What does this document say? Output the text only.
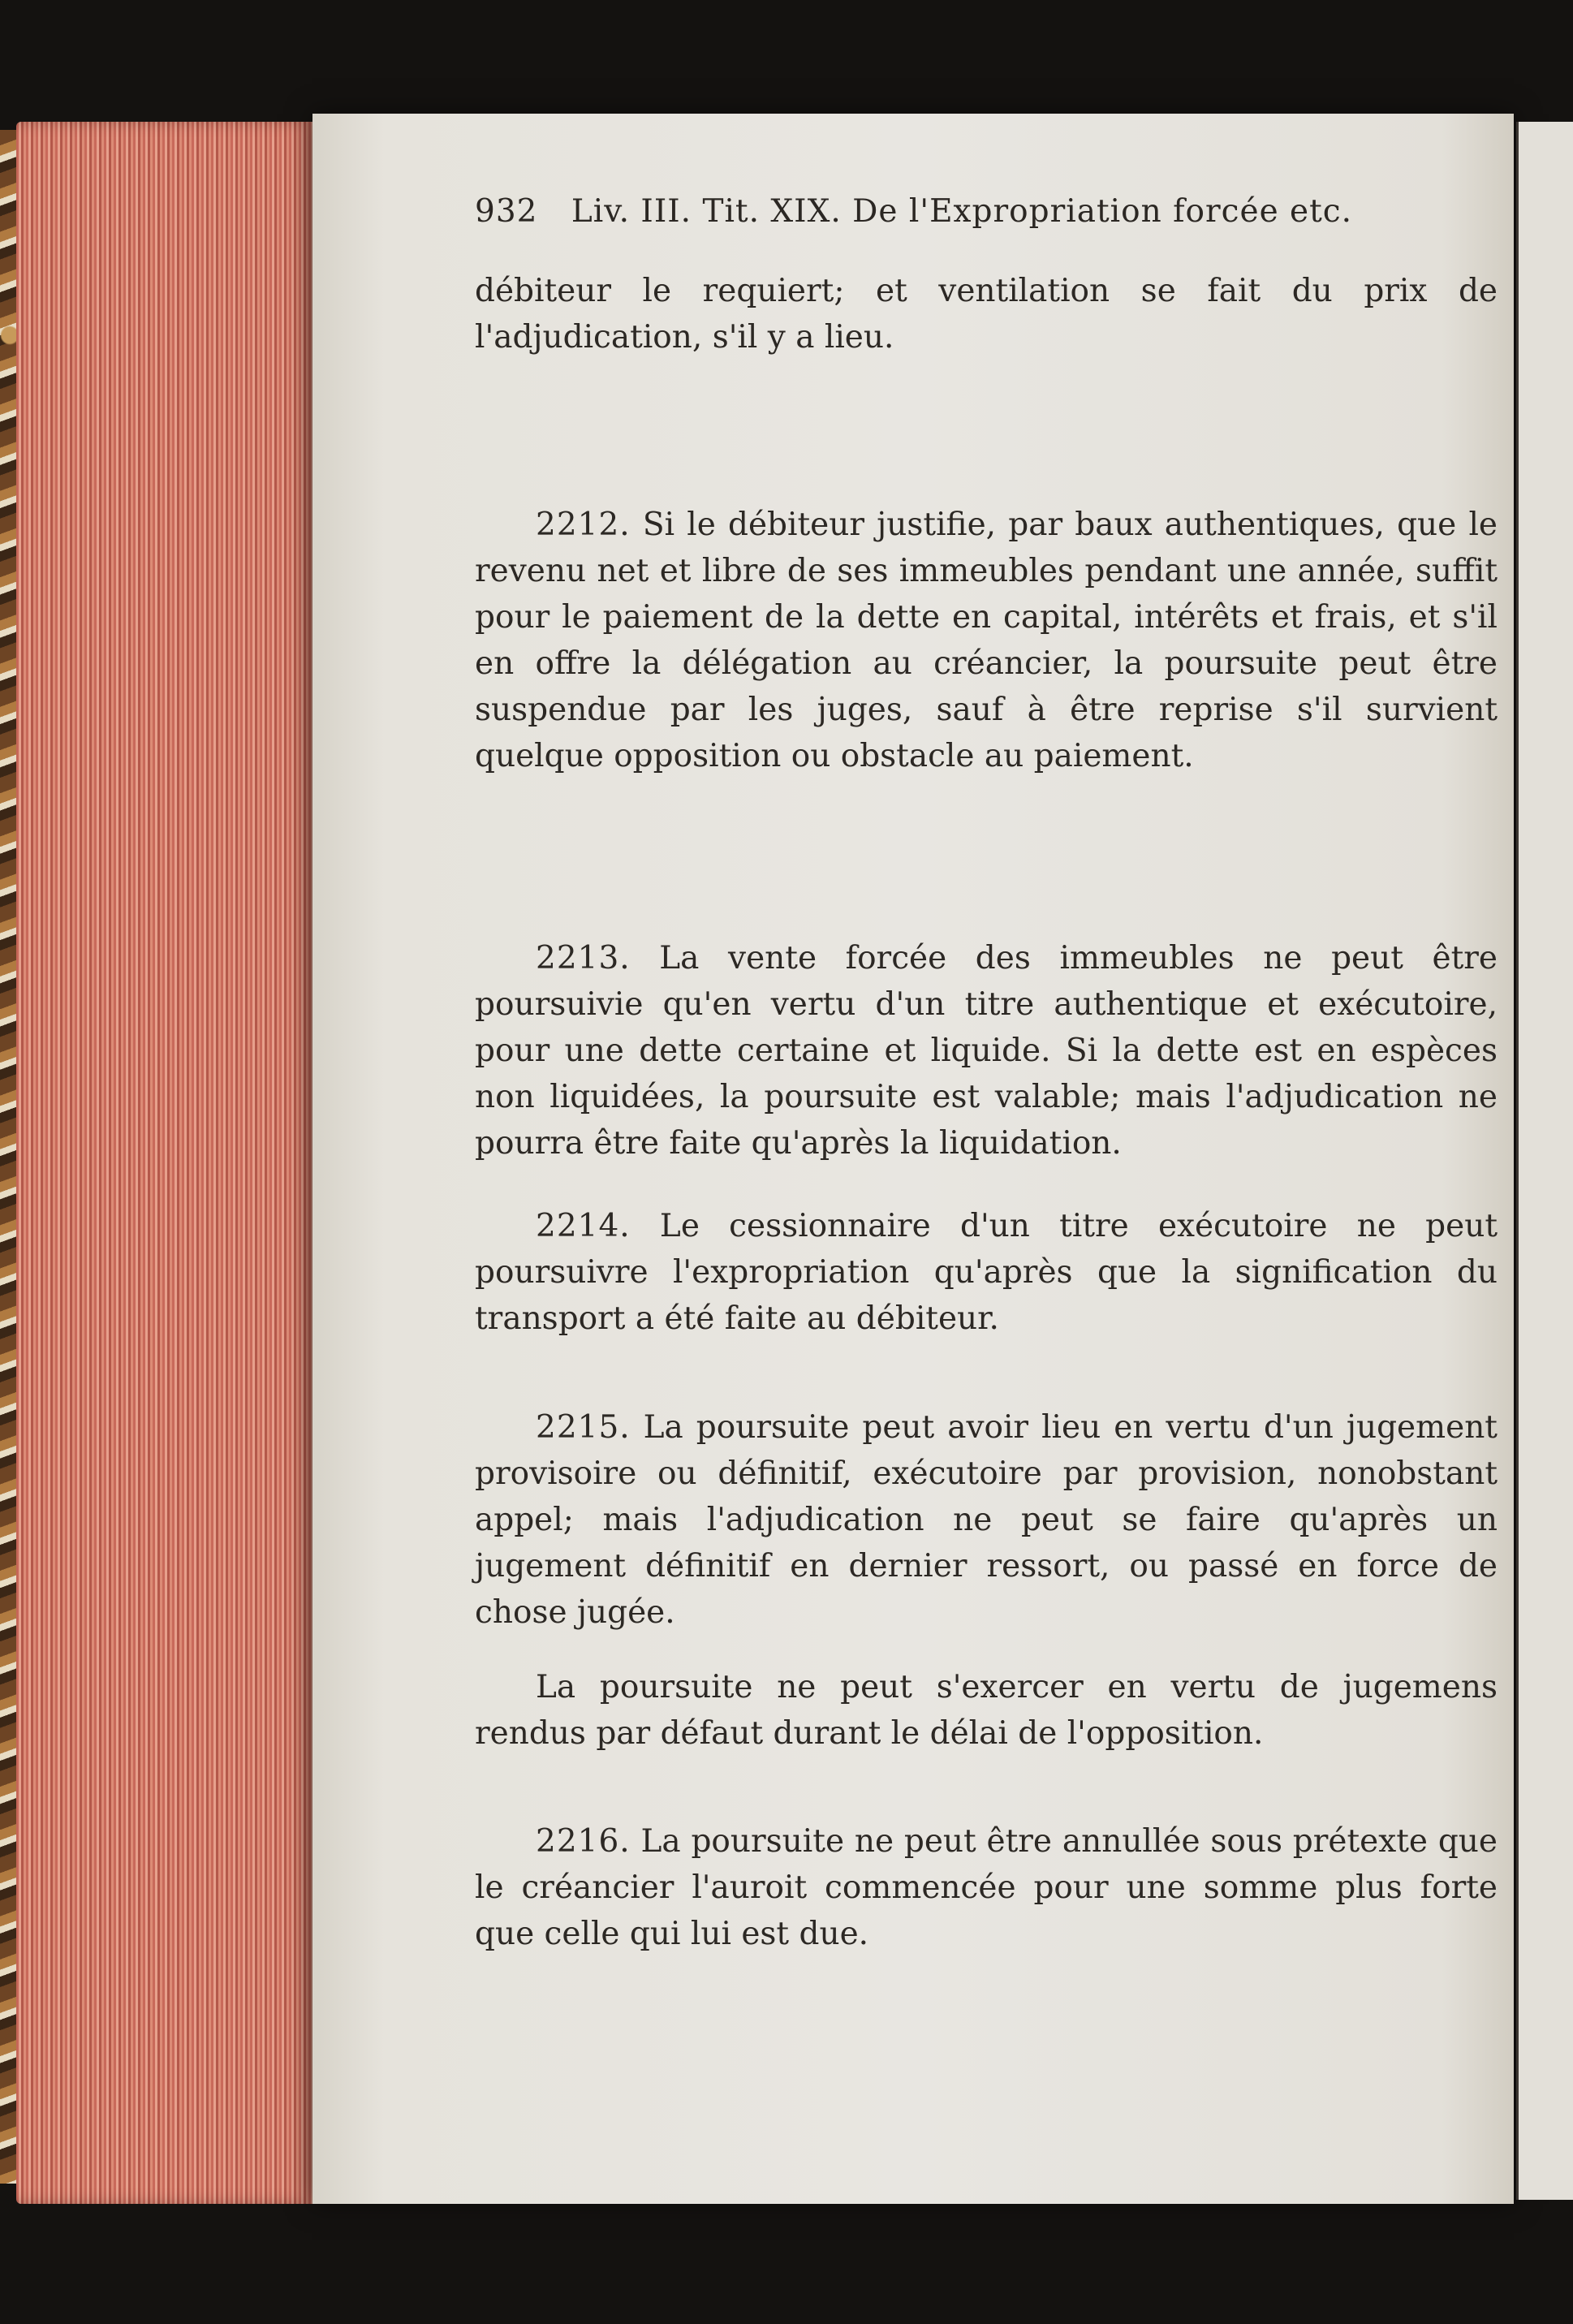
932 Liv. III. Tit. XIX. De l'Expropriation forcée etc.

débiteur le requiert; et ventilation se fait du prix de l'adjudication, s'il y a lieu.

2212. Si le débiteur justifie, par baux authentiques, que le revenu net et libre de ses immeubles pendant une année, suffit pour le paiement de la dette en capital, intérêts et frais, et s'il en offre la délégation au créancier, la poursuite peut être suspendue par les juges, sauf à être reprise s'il survient quelque opposition ou obstacle au paiement.

2213. La vente forcée des immeubles ne peut être poursuivie qu'en vertu d'un titre authentique et exécutoire, pour une dette certaine et liquide. Si la dette est en espèces non liquidées, la poursuite est valable; mais l'adjudication ne pourra être faite qu'après la liquidation.

2214. Le cessionnaire d'un titre exécutoire ne peut poursuivre l'expropriation qu'après que la signification du transport a été faite au débiteur.

2215. La poursuite peut avoir lieu en vertu d'un jugement provisoire ou définitif, exécutoire par provision, nonobstant appel; mais l'adjudication ne peut se faire qu'après un jugement définitif en dernier ressort, ou passé en force de chose jugée.

La poursuite ne peut s'exercer en vertu de jugemens rendus par défaut durant le délai de l'opposition.

2216. La poursuite ne peut être annullée sous prétexte que le créancier l'auroit commencée pour une somme plus forte que celle qui lui est due.
